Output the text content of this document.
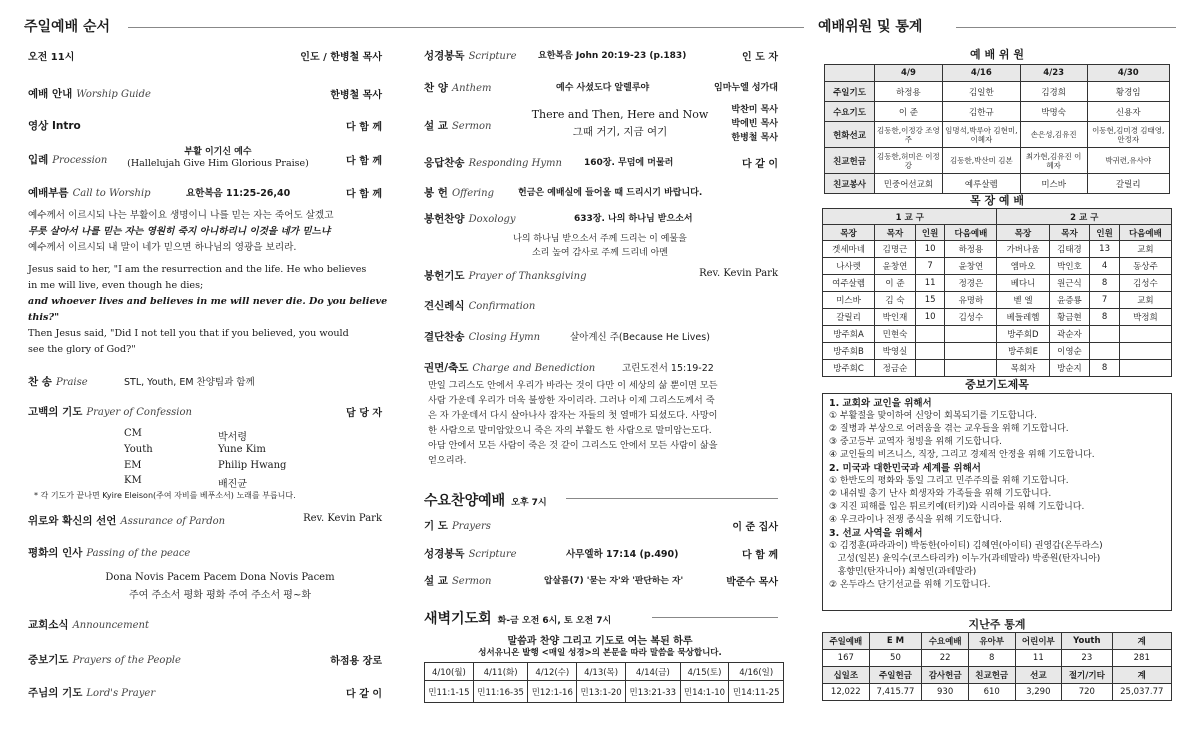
주일예배 순서
오전 11시	인도 / 한병철 목사
예배 안내 Worship Guide	한병철 목사
영상 Intro	다 함 께
입례 Procession
부활 이기신 예수
(Hallelujah Give Him Glorious Praise)	다 함 께
예배부름 Call to Worship	요한복음 11:25-26,40	다 함 께
예수께서 이르시되 나는 부활이요 생명이니 나를 믿는 자는 죽어도 살겠고
무릇 살아서 나를 믿는 자는 영원히 죽지 아니하리니 이것을 네가 믿느냐
예수께서 이르시되 내 말이 네가 믿으면 하나님의 영광을 보리라.
Jesus said to her, "I am the resurrection and the life. He who believes
in me will live, even though he dies;
and whoever lives and believes in me will never die. Do you believe
this?"
Then Jesus said, "Did I not tell you that if you believed, you would
see the glory of God?"
찬 송 Praise	STL, Youth, EM 찬양팀과 함께
고백의 기도 Prayer of Confession	담 당 자
CM	박서령
Youth	Yune Kim
EM	Philip Hwang
KM	배진균
* 각 기도가 끝나면 Kyire Eleison(주여 자비를 베푸소서) 노래를 부릅니다.
위로와 확신의 선언 Assurance of Pardon	Rev. Kevin Park
평화의 인사 Passing of the peace
Dona Novis Pacem Pacem Dona Novis Pacem
주여 주소서 평화 평화 주여 주소서 평~화
교회소식 Announcement
중보기도 Prayers of the People	하점용 장로
주님의 기도 Lord's Prayer	다 같 이
성경봉독 Scripture 요한복음 John 20:19-23 (p.183)	인 도 자
찬 양 Anthem	예수 사셨도다 알렐루야	임마누엘 성가대
설 교 Sermon
There and Then, Here and Now
그때 거기, 지금 여기
박찬미 목사
박에빈 목사
한병철 목사
응답찬송 Responding Hymn 160장. 무덤에 머물러	다 같 이
봉 헌 Offering	헌금은 예배실에 들어올 때 드리시기 바랍니다.
봉헌찬양 Doxology	633장. 나의 하나님 받으소서
나의 하나님 받으소서 주께 드리는 이 예물을
소리 높여 감사로 주께 드리네 아멘
봉헌기도 Prayer of Thanksgiving	Rev. Kevin Park
견신례식 Confirmation
결단찬송 Closing Hymn	살아계신 주(Because He Lives)
권면/축도 Charge and Benediction	고린도전서 15:19-22
만일 그리스도 안에서 우리가 바라는 것이 다만 이 세상의 삶 뿐이면 모든
사람 가운데 우리가 더욱 불쌍한 자이리라. 그러나 이제 그리스도께서 죽
은 자 가운데서 다시 살아나사 잠자는 자들의 첫 열매가 되셨도다. 사망이
한 사람으로 말미암았으니 죽은 자의 부활도 한 사람으로 말미암는도다.
아담 안에서 모든 사람이 죽은 것 같이 그리스도 안에서 모든 사람이 삶을
얻으리라.
수요찬양예배 오후 7시
기 도 Prayers	이 준 집사
성경봉독 Scripture	사무엘하 17:14 (p.490)	다 함 께
설 교 Sermon	압살롬(7) '묻는 자'와 '판단하는 자'	박준수 목사
새벽기도회 화-금 오전 6시, 토 오전 7시
말씀과 찬양 그리고 기도로 여는 복된 하루
성서유니온 발행 <매일 성경>의 본문을 따라 말씀을 묵상합니다.
4/10(월)	4/11(화)	4/12(수)	4/13(목)	4/14(금)	4/15(토)	4/16(일)
민11:1-15	민11:16-35	민12:1-16	민13:1-20	민13:21-33	민14:1-10	민14:11-25
예배위원 및 통계
예 배 위 원
	4/9	4/16	4/23	4/30
주일기도	하정용	김일한	김경희	황경임
수요기도	이 준	김한규	박명숙	신용자
헌화선교	김동한,이정강 조영주	임명석,박루아 김현미,이혜자	손은성,김유진	이동현,김미경 김태영,안정자
친교헌금	김동한,허미은 이정강	김동한,박산미 김본	최가현,김유진 이혜자	박귀련,유사야
친교봉사	민중어선교회	예루살렘	미스바	갈릴리
목 장 예 배
1 교 구				2 교 구			
목장	목자	인원	다음예배	목장	목자	인원	다음예배
겟세마네	김명근	10	하정용	가버나움	김태경	13	교회
나사렛	윤창연	7	윤창연	엠마오	박인호	4	동상주
여주살렘	이 준	11	정경은	베다니	원근식	8	김성수
미스바	김 숙	15	유명하	벧 엘	윤증룡	7	교회
갈릴리	박인재	10	김성수	베들레헴	황금현	8	박정희
방주회A	민현숙			방주회D	곽순자		
방주회B	박영실			방주회E	이영순		
방주회C	정금순			목회자	방순지	8	
중보기도제목
1. 교회와 교인을 위해서
① 부활절을 맞이하여 신앙이 회복되기를 기도합니다.
② 질병과 부상으로 어려움을 겪는 교우들을 위해 기도합니다.
③ 중고등부 교역자 청빙을 위해 기도합니다.
④ 교인들의 비즈니스, 직장, 그리고 경제적 안정을 위해 기도합니다.
2. 미국과 대한민국과 세계를 위해서
① 한반도의 평화와 통일 그리고 민주주의를 위해 기도합니다.
② 내쉬빌 총기 난사 희생자와 가족들을 위해 기도합니다.
③ 지진 피해를 입은 튀르키예(터키)와 시리아를 위해 기도합니다.
④ 우크라이나 전쟁 종식을 위해 기도합니다.
3. 선교 사역을 위해서
① 김정훈(파라과이) 박동한(아이티) 김혜연(아이티) 권영갑(온두라스)
고성(일본) 윤익수(코스타리카) 이누가(과테말라) 박종원(탄자니아)
홍향민(탄자니아) 최형민(과테말라)
② 온두라스 단기선교를 위해 기도합니다.
지난주 통계
주일예배	E M	수요예배	유아부	어린이부	Youth	계
167	50	22	8	11	23	281
십일조	주일헌금	감사헌금	친교헌금	선교	절기/기타	계
12,022	7,415.77	930	610	3,290	720	25,037.77
